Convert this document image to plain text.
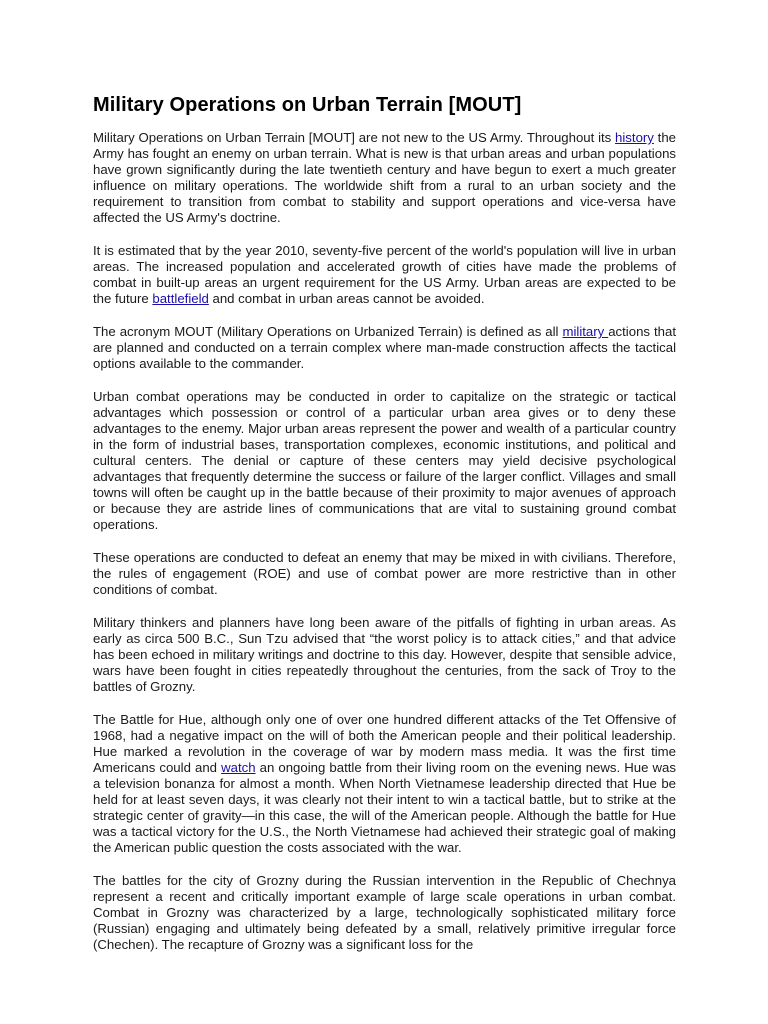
Military Operations on Urban Terrain [MOUT]

Military Operations on Urban Terrain [MOUT] are not new to the US Army. Throughout its history the Army has fought an enemy on urban terrain. What is new is that urban areas and urban populations have grown significantly during the late twentieth century and have begun to exert a much greater influence on military operations. The worldwide shift from a rural to an urban society and the requirement to transition from combat to stability and support operations and vice-versa have affected the US Army's doctrine.

It is estimated that by the year 2010, seventy-five percent of the world's population will live in urban areas. The increased population and accelerated growth of cities have made the problems of combat in built-up areas an urgent requirement for the US Army. Urban areas are expected to be the future battlefield and combat in urban areas cannot be avoided.

The acronym MOUT (Military Operations on Urbanized Terrain) is defined as all military actions that are planned and conducted on a terrain complex where man-made construction affects the tactical options available to the commander.

Urban combat operations may be conducted in order to capitalize on the strategic or tactical advantages which possession or control of a particular urban area gives or to deny these advantages to the enemy. Major urban areas represent the power and wealth of a particular country in the form of industrial bases, transportation complexes, economic institutions, and political and cultural centers. The denial or capture of these centers may yield decisive psychological advantages that frequently determine the success or failure of the larger conflict. Villages and small towns will often be caught up in the battle because of their proximity to major avenues of approach or because they are astride lines of communications that are vital to sustaining ground combat operations.

These operations are conducted to defeat an enemy that may be mixed in with civilians. Therefore, the rules of engagement (ROE) and use of combat power are more restrictive than in other conditions of combat.

Military thinkers and planners have long been aware of the pitfalls of fighting in urban areas. As early as circa 500 B.C., Sun Tzu advised that “the worst policy is to attack cities,” and that advice has been echoed in military writings and doctrine to this day. However, despite that sensible advice, wars have been fought in cities repeatedly throughout the centuries, from the sack of Troy to the battles of Grozny.

The Battle for Hue, although only one of over one hundred different attacks of the Tet Offensive of 1968, had a negative impact on the will of both the American people and their political leadership. Hue marked a revolution in the coverage of war by modern mass media. It was the first time Americans could and watch an ongoing battle from their living room on the evening news. Hue was a television bonanza for almost a month. When North Vietnamese leadership directed that Hue be held for at least seven days, it was clearly not their intent to win a tactical battle, but to strike at the strategic center of gravity—in this case, the will of the American people. Although the battle for Hue was a tactical victory for the U.S., the North Vietnamese had achieved their strategic goal of making the American public question the costs associated with the war.

The battles for the city of Grozny during the Russian intervention in the Republic of Chechnya represent a recent and critically important example of large scale operations in urban combat. Combat in Grozny was characterized by a large, technologically sophisticated military force (Russian) engaging and ultimately being defeated by a small, relatively primitive irregular force (Chechen). The recapture of Grozny was a significant loss for the
